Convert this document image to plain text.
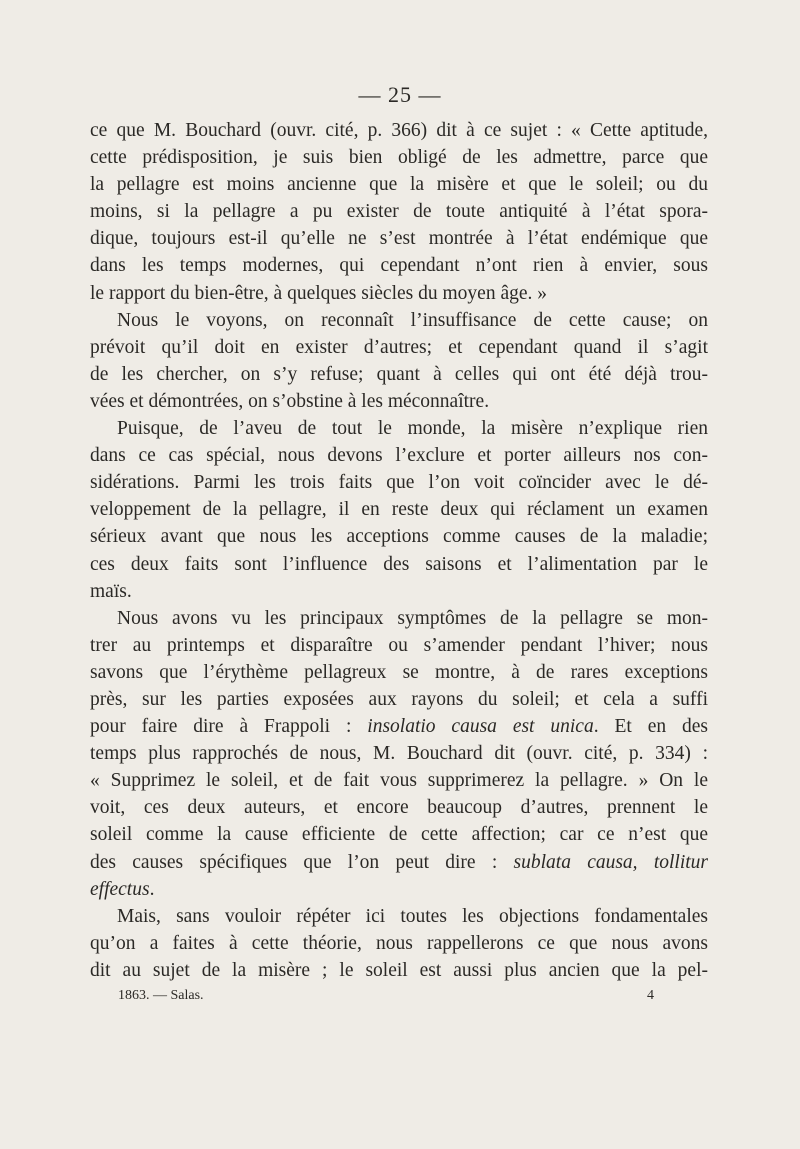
— 25 —
ce que M. Bouchard (ouvr. cité, p. 366) dit à ce sujet : « Cette aptitude,
cette prédisposition, je suis bien obligé de les admettre, parce que
la pellagre est moins ancienne que la misère et que le soleil; ou du
moins, si la pellagre a pu exister de toute antiquité à l’état spora-
dique, toujours est-il qu’elle ne s’est montrée à l’état endémique que
dans les temps modernes, qui cependant n’ont rien à envier, sous
le rapport du bien-être, à quelques siècles du moyen âge. »
Nous le voyons, on reconnaît l’insuffisance de cette cause; on
prévoit qu’il doit en exister d’autres; et cependant quand il s’agit
de les chercher, on s’y refuse; quant à celles qui ont été déjà trou-
vées et démontrées, on s’obstine à les méconnaître.
Puisque, de l’aveu de tout le monde, la misère n’explique rien
dans ce cas spécial, nous devons l’exclure et porter ailleurs nos con-
sidérations. Parmi les trois faits que l’on voit coïncider avec le dé-
veloppement de la pellagre, il en reste deux qui réclament un examen
sérieux avant que nous les acceptions comme causes de la maladie;
ces deux faits sont l’influence des saisons et l’alimentation par le
maïs.
Nous avons vu les principaux symptômes de la pellagre se mon-
trer au printemps et disparaître ou s’amender pendant l’hiver; nous
savons que l’érythème pellagreux se montre, à de rares exceptions
près, sur les parties exposées aux rayons du soleil; et cela a suffi
pour faire dire à Frappoli : insolatio causa est unica. Et en des
temps plus rapprochés de nous, M. Bouchard dit (ouvr. cité, p. 334) :
« Supprimez le soleil, et de fait vous supprimerez la pellagre. » On le
voit, ces deux auteurs, et encore beaucoup d’autres, prennent le
soleil comme la cause efficiente de cette affection; car ce n’est que
des causes spécifiques que l’on peut dire : sublata causa, tollitur
effectus.
Mais, sans vouloir répéter ici toutes les objections fondamentales
qu’on a faites à cette théorie, nous rappellerons ce que nous avons
dit au sujet de la misère ; le soleil est aussi plus ancien que la pel-
1863. — Salas.	4
